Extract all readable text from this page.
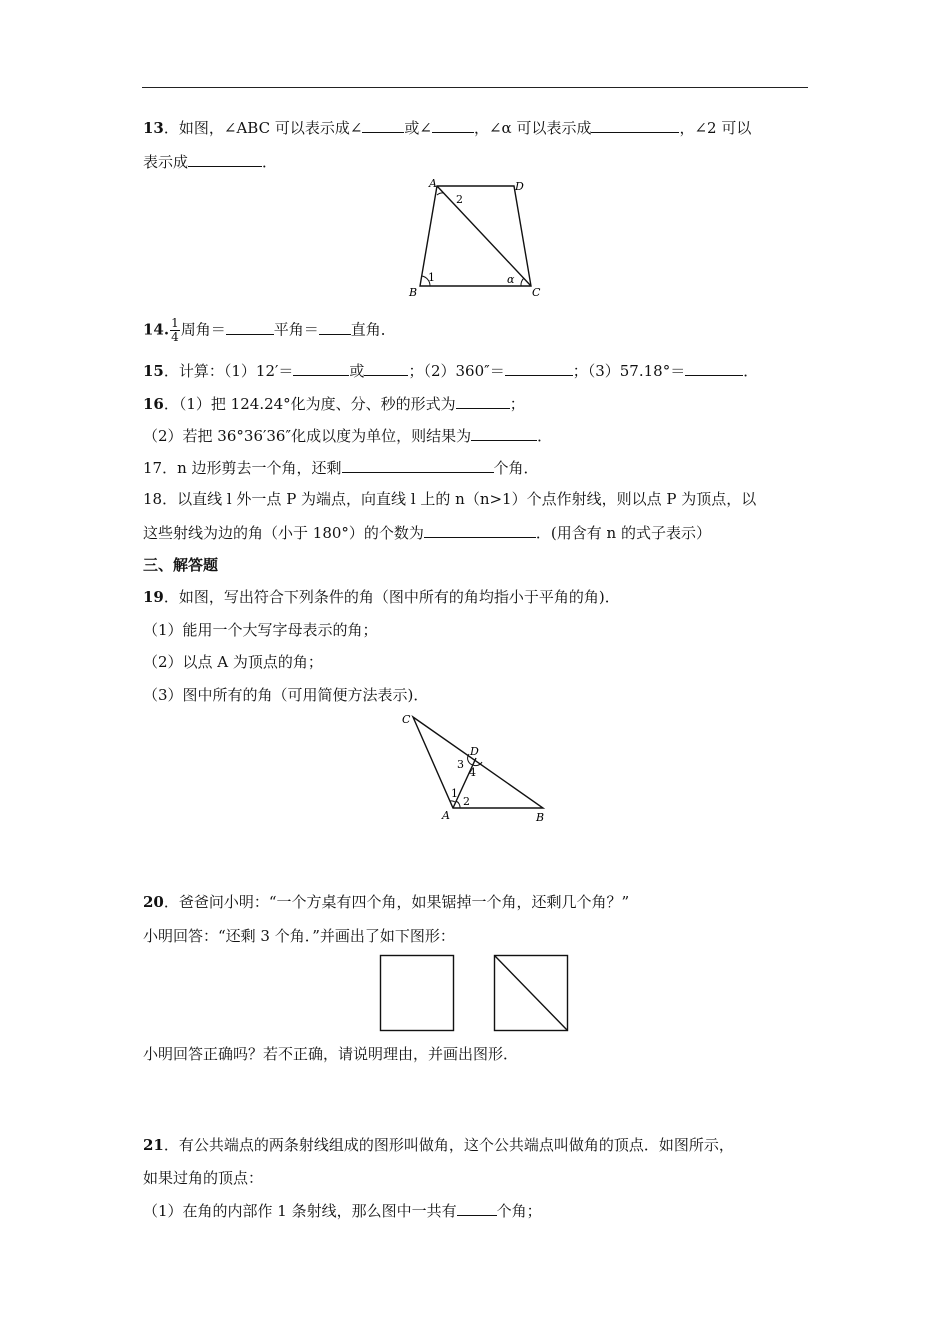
13．如图，∠ABC 可以表示成∠	或∠	，∠α 可以表示成	，∠2 可以
表示成	．
A	D
B	C
2
1	α
14. $\frac{1}{4}$ 周角＝	平角＝ 直角．
15．计算：（1）12′＝	或	；（2）360″＝	；（3）57.18°＝	．
16．（1）把 124.24°化为度、分、秒的形式为	；
（2）若把 36°36′36″化成以度为单位，则结果为	．
17．n 边形剪去一个角，还剩	个角．
18．以直线 l 外一点 P 为端点，向直线 l 上的 n（n>1）个点作射线，则以点 P 为顶点，以
这些射线为边的角（小于 180°）的个数为	．(用含有 n 的式子表示）
三、解答题
19．如图，写出符合下列条件的角（图中所有的角均指小于平角的角)．
（1）能用一个大写字母表示的角；
（2）以点 A 为顶点的角；
（3）图中所有的角（可用简便方法表示)．
C
D
A	B
1
2
3
4
20．爸爸问小明：“一个方桌有四个角，如果锯掉一个角，还剩几个角？”
小明回答：“还剩 3 个角．”并画出了如下图形：
小明回答正确吗？若不正确，请说明理由，并画出图形．
21．有公共端点的两条射线组成的图形叫做角，这个公共端点叫做角的顶点．如图所示，
如果过角的顶点：
（1）在角的内部作 1 条射线，那么图中一共有	个角；
